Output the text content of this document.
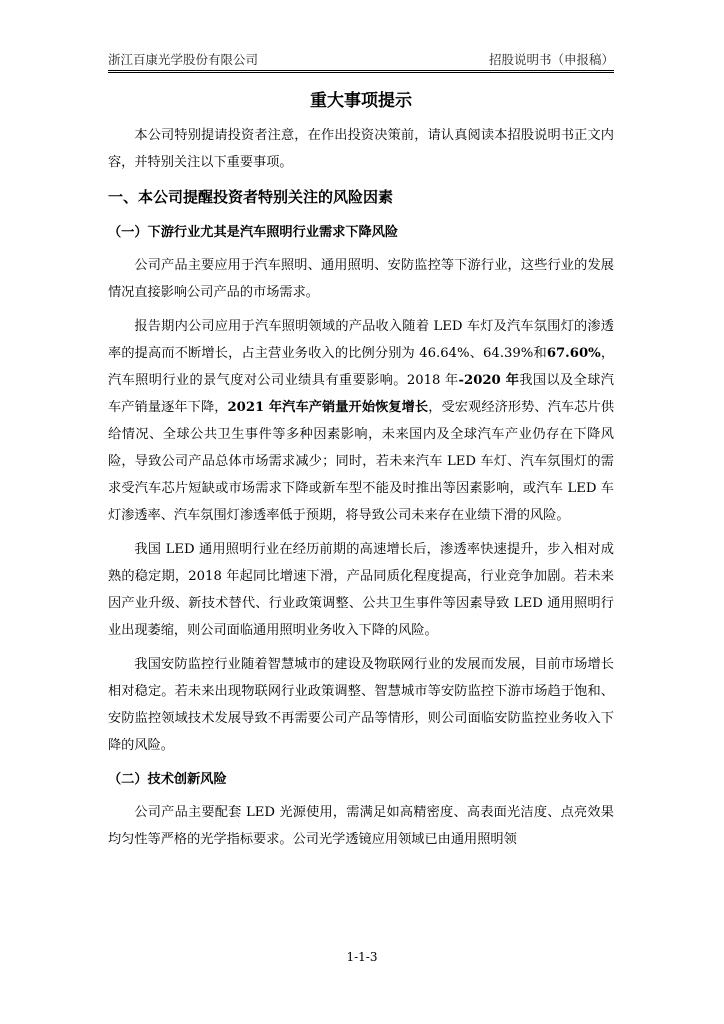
浙江百康光学股份有限公司	招股说明书（申报稿）
重大事项提示

本公司特别提请投资者注意，在作出投资决策前，请认真阅读本招股说明书正文内容，并特别关注以下重要事项。

一、本公司提醒投资者特别关注的风险因素
（一）下游行业尤其是汽车照明行业需求下降风险

公司产品主要应用于汽车照明、通用照明、安防监控等下游行业，这些行业的发展情况直接影响公司产品的市场需求。

报告期内公司应用于汽车照明领域的产品收入随着 LED 车灯及汽车氛围灯的渗透率的提高而不断增长，占主营业务收入的比例分别为 46.64%、64.39%和67.60%，汽车照明行业的景气度对公司业绩具有重要影响。2018 年-2020 年我国以及全球汽车产销量逐年下降，2021 年汽车产销量开始恢复增长，受宏观经济形势、汽车芯片供给情况、全球公共卫生事件等多种因素影响，未来国内及全球汽车产业仍存在下降风险，导致公司产品总体市场需求减少；同时，若未来汽车 LED 车灯、汽车氛围灯的需求受汽车芯片短缺或市场需求下降或新车型不能及时推出等因素影响，或汽车 LED 车灯渗透率、汽车氛围灯渗透率低于预期，将导致公司未来存在业绩下滑的风险。

我国 LED 通用照明行业在经历前期的高速增长后，渗透率快速提升，步入相对成熟的稳定期，2018 年起同比增速下滑，产品同质化程度提高，行业竞争加剧。若未来因产业升级、新技术替代、行业政策调整、公共卫生事件等因素导致 LED 通用照明行业出现萎缩，则公司面临通用照明业务收入下降的风险。

我国安防监控行业随着智慧城市的建设及物联网行业的发展而发展，目前市场增长相对稳定。若未来出现物联网行业政策调整、智慧城市等安防监控下游市场趋于饱和、安防监控领域技术发展导致不再需要公司产品等情形，则公司面临安防监控业务收入下降的风险。

（二）技术创新风险

公司产品主要配套 LED 光源使用，需满足如高精密度、高表面光洁度、点亮效果均匀性等严格的光学指标要求。公司光学透镜应用领域已由通用照明领

1-1-3
